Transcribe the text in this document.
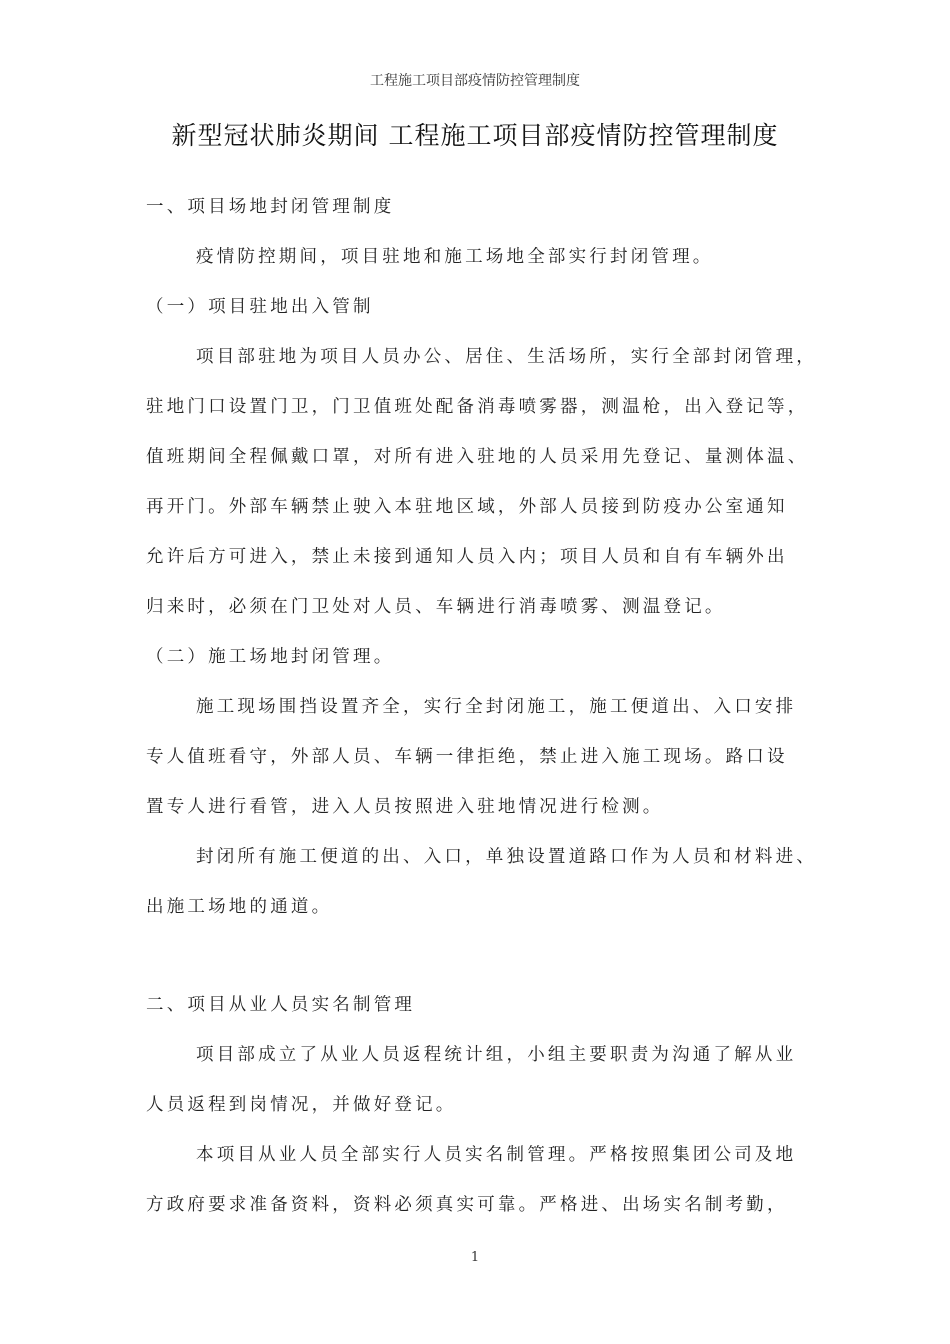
工程施工项目部疫情防控管理制度
新型冠状肺炎期间 工程施工项目部疫情防控管理制度
一、项目场地封闭管理制度
疫情防控期间，项目驻地和施工场地全部实行封闭管理。
（一）项目驻地出入管制
项目部驻地为项目人员办公、居住、生活场所，实行全部封闭管理，
驻地门口设置门卫，门卫值班处配备消毒喷雾器，测温枪，出入登记等，
值班期间全程佩戴口罩，对所有进入驻地的人员采用先登记、量测体温、
再开门。外部车辆禁止驶入本驻地区域，外部人员接到防疫办公室通知
允许后方可进入，禁止未接到通知人员入内；项目人员和自有车辆外出
归来时，必须在门卫处对人员、车辆进行消毒喷雾、测温登记。
（二）施工场地封闭管理。
施工现场围挡设置齐全，实行全封闭施工，施工便道出、入口安排
专人值班看守，外部人员、车辆一律拒绝，禁止进入施工现场。路口设
置专人进行看管，进入人员按照进入驻地情况进行检测。
封闭所有施工便道的出、入口，单独设置道路口作为人员和材料进、
出施工场地的通道。
二、项目从业人员实名制管理
项目部成立了从业人员返程统计组，小组主要职责为沟通了解从业
人员返程到岗情况，并做好登记。
本项目从业人员全部实行人员实名制管理。严格按照集团公司及地
方政府要求准备资料，资料必须真实可靠。严格进、出场实名制考勤，
1
